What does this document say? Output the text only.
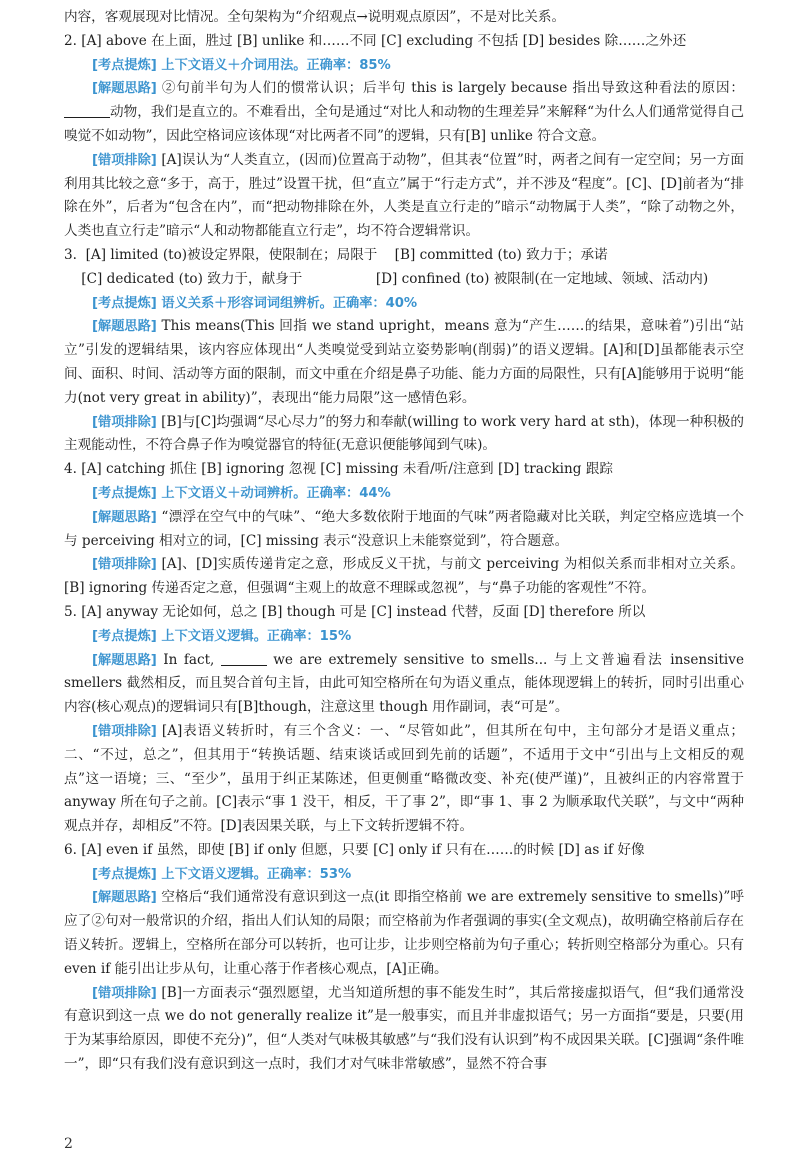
内容，客观展现对比情况。全句架构为“介绍观点→说明观点原因”，不是对比关系。

2. [A] above 在上面，胜过 [B] unlike 和……不同 [C] excluding 不包括 [D] besides 除……之外还

[考点提炼] 上下文语义＋介词用法。正确率：85%

[解题思路] ②句前半句为人们的惯常认识；后半句 this is largely because 指出导致这种看法的原因：动物，我们是直立的。不难看出，全句是通过“对比人和动物的生理差异”来解释“为什么人们通常觉得自己嗅觉不如动物”，因此空格词应该体现“对比两者不同”的逻辑，只有[B] unlike 符合文意。

[错项排除] [A]误认为“人类直立，(因而)位置高于动物”，但其表“位置”时，两者之间有一定空间；另一方面利用其比较之意“多于，高于，胜过”设置干扰，但“直立”属于“行走方式”，并不涉及“程度”。[C]、[D]前者为“排除在外”，后者为“包含在内”，而“把动物排除在外，人类是直立行走的”暗示“动物属于人类”，“除了动物之外，人类也直立行走”暗示“人和动物都能直立行走”，均不符合逻辑常识。

3.  [A] limited (to)被设定界限，使限制在；局限于    [B] committed (to) 致力于；承诺

[C] dedicated (to) 致力于，献身于                 [D] confined (to) 被限制(在一定地域、领域、活动内)

[考点提炼] 语义关系＋形容词词组辨析。正确率：40%

[解题思路] This means(This 回指 we stand upright，means 意为“产生……的结果，意味着”)引出“站立”引发的逻辑结果，该内容应体现出“人类嗅觉受到站立姿势影响(削弱)”的语义逻辑。[A]和[D]虽都能表示空间、面积、时间、活动等方面的限制，而文中重在介绍是鼻子功能、能力方面的局限性，只有[A]能够用于说明“能力(not very great in ability)”，表现出“能力局限”这一感情色彩。

[错项排除] [B]与[C]均强调“尽心尽力”的努力和奉献(willing to work very hard at sth)，体现一种积极的主观能动性，不符合鼻子作为嗅觉器官的特征(无意识便能够闻到气味)。

4. [A] catching 抓住 [B] ignoring 忽视 [C] missing 未看/听/注意到 [D] tracking 跟踪

[考点提炼] 上下文语义＋动词辨析。正确率：44%

[解题思路] “漂浮在空气中的气味”、“绝大多数依附于地面的气味”两者隐藏对比关联，判定空格应选填一个与 perceiving 相对立的词，[C] missing 表示“没意识上未能察觉到”，符合题意。

[错项排除] [A]、[D]实质传递肯定之意，形成反义干扰，与前文 perceiving 为相似关系而非相对立关系。[B] ignoring 传递否定之意，但强调“主观上的故意不理睬或忽视”，与“鼻子功能的客观性”不符。

5. [A] anyway 无论如何，总之 [B] though 可是 [C] instead 代替，反面 [D] therefore 所以

[考点提炼] 上下文语义逻辑。正确率：15%

[解题思路] In fact,	we are extremely sensitive to smells... 与上文普遍看法 insensitive smellers 截然相反，而且契合首句主旨，由此可知空格所在句为语义重点，能体现逻辑上的转折，同时引出重心内容(核心观点)的逻辑词只有[B]though，注意这里 though 用作副词，表“可是”。

[错项排除] [A]表语义转折时，有三个含义：一、“尽管如此”，但其所在句中，主句部分才是语义重点；二、“不过，总之”，但其用于“转换话题、结束谈话或回到先前的话题”，不适用于文中“引出与上文相反的观点”这一语境；三、“至少”，虽用于纠正某陈述，但更侧重“略微改变、补充(使严谨)”，且被纠正的内容常置于 anyway 所在句子之前。[C]表示“事 1 没干，相反，干了事 2”，即“事 1、事 2 为顺承取代关联”，与文中“两种观点并存，却相反”不符。[D]表因果关联，与上下文转折逻辑不符。

6. [A] even if 虽然，即使 [B] if only 但愿，只要 [C] only if 只有在……的时候 [D] as if 好像

[考点提炼] 上下文语义逻辑。正确率：53%

[解题思路] 空格后“我们通常没有意识到这一点(it 即指空格前 we are extremely sensitive to smells)”呼应了②句对一般常识的介绍，指出人们认知的局限；而空格前为作者强调的事实(全文观点)，故明确空格前后存在语义转折。逻辑上，空格所在部分可以转折，也可让步，让步则空格前为句子重心；转折则空格部分为重心。只有 even if 能引出让步从句，让重心落于作者核心观点，[A]正确。

[错项排除] [B]一方面表示“强烈愿望，尤当知道所想的事不能发生时”，其后常接虚拟语气，但“我们通常没有意识到这一点 we do not generally realize it”是一般事实，而且并非虚拟语气；另一方面指“要是，只要(用于为某事给原因，即使不充分)”，但“人类对气味极其敏感”与“我们没有认识到”构不成因果关联。[C]强调“条件唯一”，即“只有我们没有意识到这一点时，我们才对气味非常敏感”，显然不符合事

2
